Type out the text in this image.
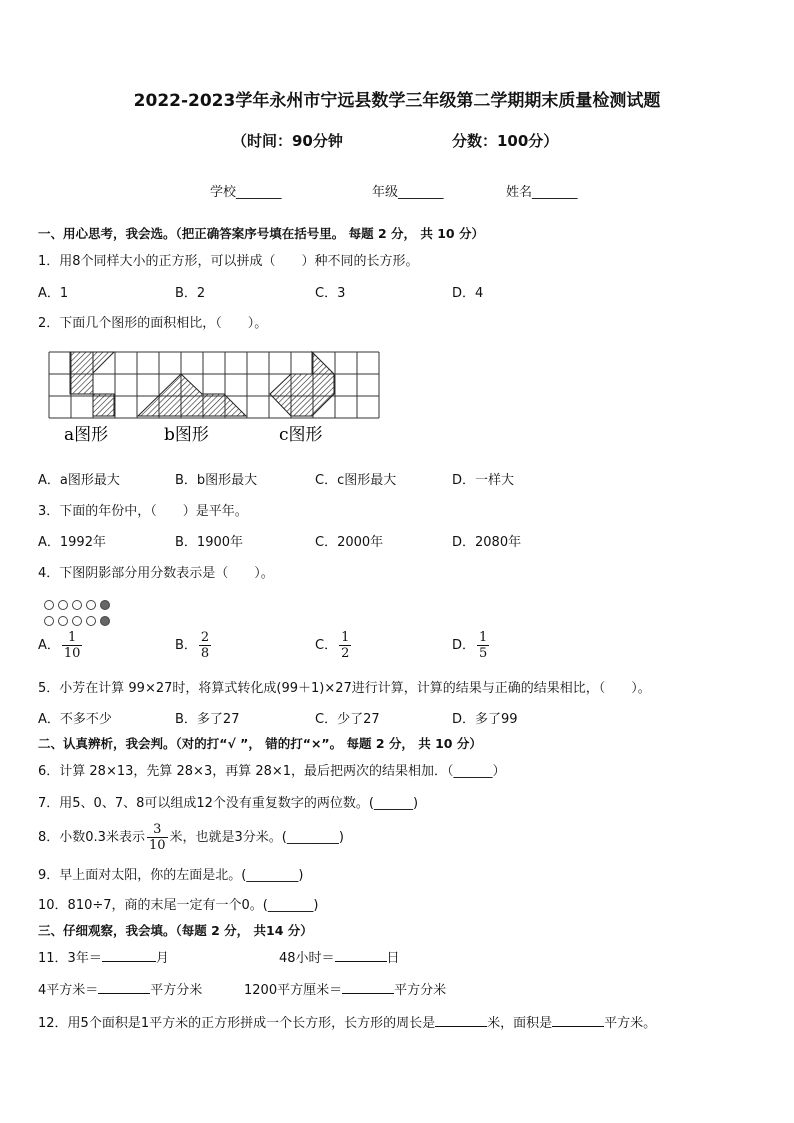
2022-2023学年永州市宁远县数学三年级第二学期期末质量检测试题
（时间：90分钟	分数：100分）
学校_______	年级_______	姓名_______
一、用心思考，我会选。（把正确答案序号填在括号里。 每题 2 分， 共 10 分）
1．用8个同样大小的正方形，可以拼成（　　）种不同的长方形。
A．1	B．2	C．3	D．4
2．下面几个图形的面积相比，（　　）。
a图形	b图形	c图形
A．a图形最大	B．b图形最大	C．c图形最大	D．一样大
3．下面的年份中，（　　）是平年。
A．1992年	B．1900年	C．2000年	D．2080年
4．下图阴影部分用分数表示是（　　）。
A． $\frac{1}{10}$	B． $\frac{2}{8}$	C． $\frac{1}{2}$	D． $\frac{1}{5}$
5．小芳在计算 99×27时，将算式转化成(99＋1)×27进行计算，计算的结果与正确的结果相比，（　　）。
A．不多不少	B．多了27	C．少了27	D．多了99
二、认真辨析，我会判。（对的打“√ ”， 错的打“×”。 每题 2 分， 共 10 分）
6．计算 28×13，先算 28×3，再算 28×1，最后把两次的结果相加．（______）
7．用5、0、7、8可以组成12个没有重复数字的两位数。(______)
8．小数0.3米表示 $\frac{3}{10}$ 米，也就是3分米。(________)
9．早上面对太阳，你的左面是北。(________)
10．810÷7，商的末尾一定有一个0。(_______)
三、仔细观察，我会填。（每题 2 分， 共14 分）
11．3年＝	月	48小时＝	日
4平方米＝	平方分米	1200平方厘米＝	平方分米
12．用5个面积是1平方米的正方形拼成一个长方形，长方形的周长是	米，面积是	平方米。
